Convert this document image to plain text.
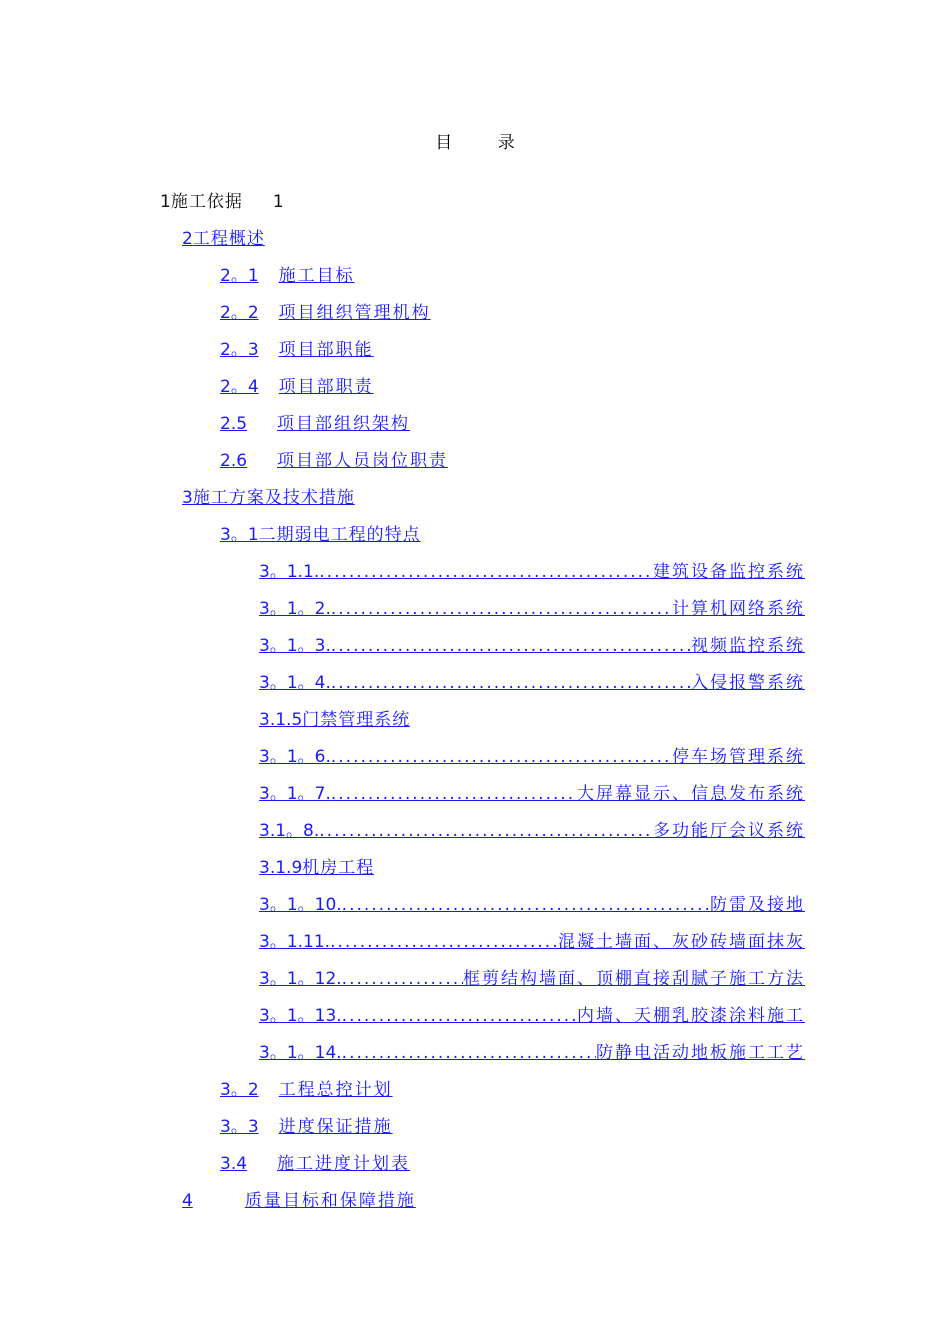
目 录
1施工依据 1
2工程概述
2。1 施工目标
2。2 项目组织管理机构
2。3 项目部职能
2。4 项目部职责
2.5 项目部组织架构
2.6 项目部人员岗位职责
3施工方案及技术措施
3。1二期弱电工程的特点
3。1.1. .....	建筑设备监控系统
3。1。2. .....	计算机网络系统
3。1。3. .....	视频监控系统
3。1。4. .....	入侵报警系统
3.1.5门禁管理系统
3。1。6. .....	停车场管理系统
3。1。7. .....	大屏幕显示、信息发布系统
3.1。8. .....	多功能厅会议系统
3.1.9机房工程
3。1。10. .....	防雷及接地
3。1.11. .....	混凝土墙面、灰砂砖墙面抹灰
3。1。12. .....	框剪结构墙面、顶棚直接刮腻子施工方法
3。1。13. .....	内墙、天棚乳胶漆涂料施工
3。1。14. .....	防静电活动地板施工工艺
3。2 工程总控计划
3。3 进度保证措施
3.4 施工进度计划表
4	质量目标和保障措施
